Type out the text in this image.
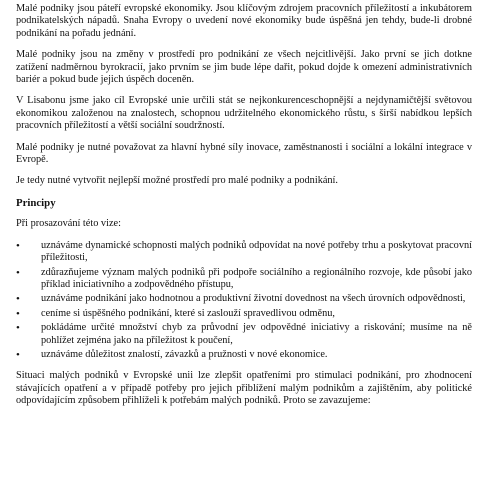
Malé podniky jsou páteří evropské ekonomiky. Jsou klíčovým zdrojem pracovních příležitostí a inkubátorem podnikatelských nápadů. Snaha Evropy o uvedení nové ekonomiky bude úspěšná jen tehdy, bude-li drobné podnikání na pořadu jednání.

Malé podniky jsou na změny v prostředí pro podnikání ze všech nejcitlivější. Jako první se jich dotkne zatížení nadměrnou byrokracií, jako prvním se jim bude lépe dařit, pokud dojde k omezení administrativních bariér a pokud bude jejich úspěch doceněn.

V Lisabonu jsme jako cíl Evropské unie určili stát se nejkonkurenceschopnější a nejdynamičtější světovou ekonomikou založenou na znalostech, schopnou udržitelného ekonomického růstu, s širší nabídkou lepších pracovních příležitostí a větší sociální soudržností.

Malé podniky je nutné považovat za hlavní hybné síly inovace, zaměstnanosti i sociální a lokální integrace v Evropě.

Je tedy nutné vytvořit nejlepší možné prostředí pro malé podniky a podnikání.

Principy

Při prosazování této vize:

• uznáváme dynamické schopnosti malých podniků odpovídat na nové potřeby trhu a poskytovat pracovní příležitosti,
• zdůrazňujeme význam malých podniků při podpoře sociálního a regionálního rozvoje, kde působí jako příklad iniciativního a zodpovědného přístupu,
• uznáváme podnikání jako hodnotnou a produktivní životní dovednost na všech úrovních odpovědnosti,
• ceníme si úspěšného podnikání, které si zaslouží spravedlivou odměnu,
• pokládáme určité množství chyb za průvodní jev odpovědné iniciativy a riskování; musíme na ně pohlížet zejména jako na příležitost k poučení,
• uznáváme důležitost znalostí, závazků a pružnosti v nové ekonomice.

Situaci malých podniků v Evropské unii lze zlepšit opatřeními pro stimulaci podnikání, pro zhodnocení stávajících opatření a v případě potřeby pro jejich přiblížení malým podnikům a zajištěním, aby politické odpovídajícím způsobem přihlíželi k potřebám malých podniků. Proto se zavazujeme:
